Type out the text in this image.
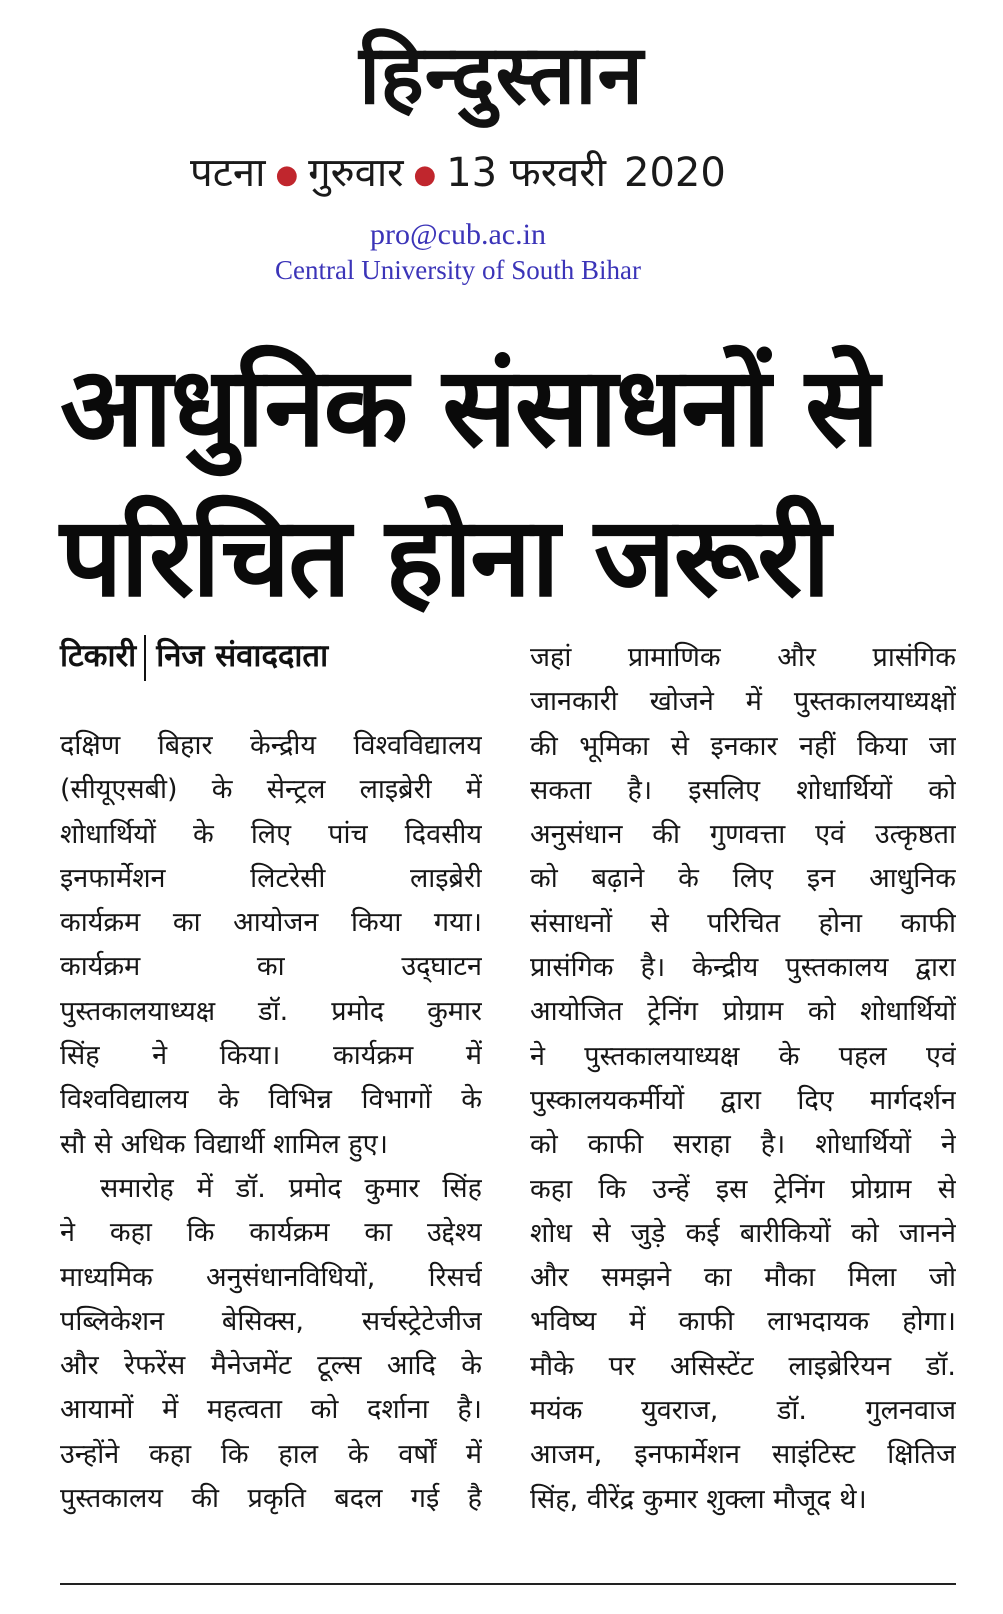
हिन्दुस्तान
पटना ● गुरुवार ● 13 फरवरी 2020
pro@cub.ac.in
Central University of South Bihar
आधुनिक संसाधनों से
परिचित होना जरूरी
टिकारी निज संवाददाता
दक्षिण बिहार केन्द्रीय विश्वविद्यालय
(सीयूएसबी) के सेन्ट्रल लाइब्रेरी में
शोधार्थियों के लिए पांच दिवसीय
इनफार्मेशन लिटरेसी लाइब्रेरी
कार्यक्रम का आयोजन किया गया।
कार्यक्रम का उद्‌घाटन
पुस्तकालयाध्यक्ष डॉ. प्रमोद कुमार
सिंह ने किया। कार्यक्रम में
विश्वविद्यालय के विभिन्न विभागों के
सौ से अधिक विद्यार्थी शामिल हुए।
समारोह में डॉ. प्रमोद कुमार सिंह
ने कहा कि कार्यक्रम का उद्देश्य
माध्यमिक अनुसंधानविधियों, रिसर्च
पब्लिकेशन बेसिक्स, सर्चस्ट्रेटेजीज
और रेफरेंस मैनेजमेंट टूल्स आदि के
आयामों में महत्वता को दर्शाना है।
उन्होंने कहा कि हाल के वर्षों में
पुस्तकालय की प्रकृति बदल गई है
जहां प्रामाणिक और प्रासंगिक
जानकारी खोजने में पुस्तकालयाध्यक्षों
की भूमिका से इनकार नहीं किया जा
सकता है। इसलिए शोधार्थियों को
अनुसंधान की गुणवत्ता एवं उत्कृष्ठता
को बढ़ाने के लिए इन आधुनिक
संसाधनों से परिचित होना काफी
प्रासंगिक है। केन्द्रीय पुस्तकालय द्वारा
आयोजित ट्रेनिंग प्रोग्राम को शोधार्थियों
ने पुस्तकालयाध्यक्ष के पहल एवं
पुस्कालयकर्मीयों द्वारा दिए मार्गदर्शन
को काफी सराहा है। शोधार्थियों ने
कहा कि उन्हें इस ट्रेनिंग प्रोग्राम से
शोध से जुड़े कई बारीकियों को जानने
और समझने का मौका मिला जो
भविष्य में काफी लाभदायक होगा।
मौके पर असिस्टेंट लाइब्रेरियन डॉ.
मयंक युवराज, डॉ. गुलनवाज
आजम, इनफार्मेशन साइंटिस्ट क्षितिज
सिंह, वीरेंद्र कुमार शुक्ला मौजूद थे।
